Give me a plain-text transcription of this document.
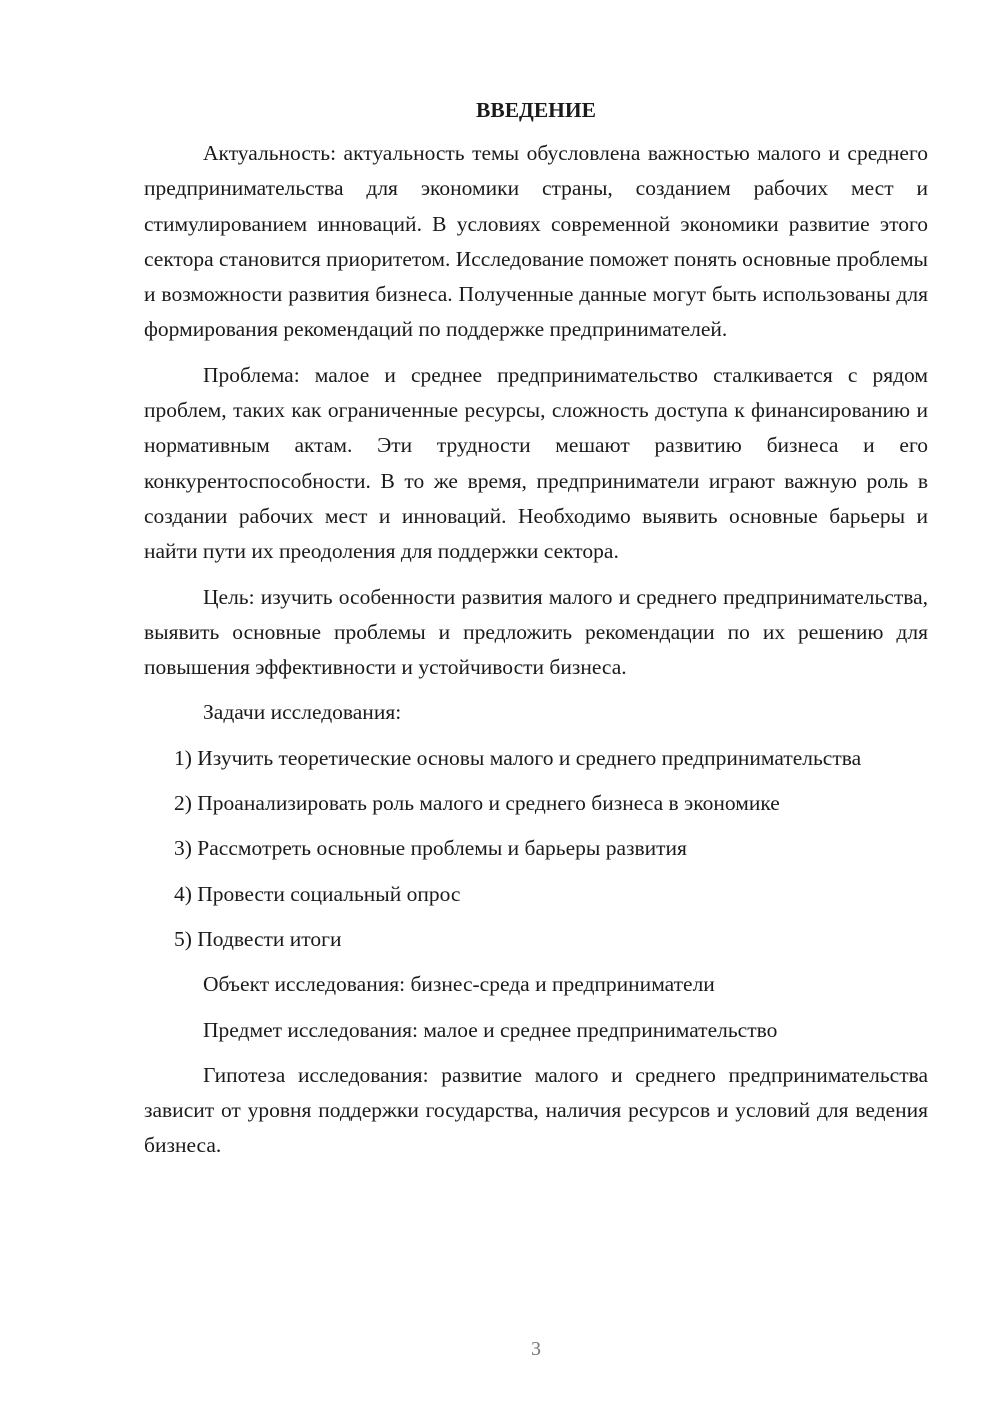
ВВЕДЕНИЕ

Актуальность: актуальность темы обусловлена важностью малого и среднего предпринимательства для экономики страны, созданием рабочих мест и стимулированием инноваций. В условиях современной экономики развитие этого сектора становится приоритетом. Исследование поможет понять основные проблемы и возможности развития бизнеса. Полученные данные могут быть использованы для формирования рекомендаций по поддержке предпринимателей.

Проблема: малое и среднее предпринимательство сталкивается с рядом проблем, таких как ограниченные ресурсы, сложность доступа к финансированию и нормативным актам. Эти трудности мешают развитию бизнеса и его конкурентоспособности. В то же время, предприниматели играют важную роль в создании рабочих мест и инноваций. Необходимо выявить основные барьеры и найти пути их преодоления для поддержки сектора.

Цель: изучить особенности развития малого и среднего предпринимательства, выявить основные проблемы и предложить рекомендации по их решению для повышения эффективности и устойчивости бизнеса.

Задачи исследования:

1) Изучить теоретические основы малого и среднего предпринимательства

2) Проанализировать роль малого и среднего бизнеса в экономике

3) Рассмотреть основные проблемы и барьеры развития

4) Провести социальный опрос

5) Подвести итоги

Объект исследования: бизнес-среда и предприниматели

Предмет исследования: малое и среднее предпринимательство

Гипотеза исследования: развитие малого и среднего предпринимательства зависит от уровня поддержки государства, наличия ресурсов и условий для ведения бизнеса.

3
